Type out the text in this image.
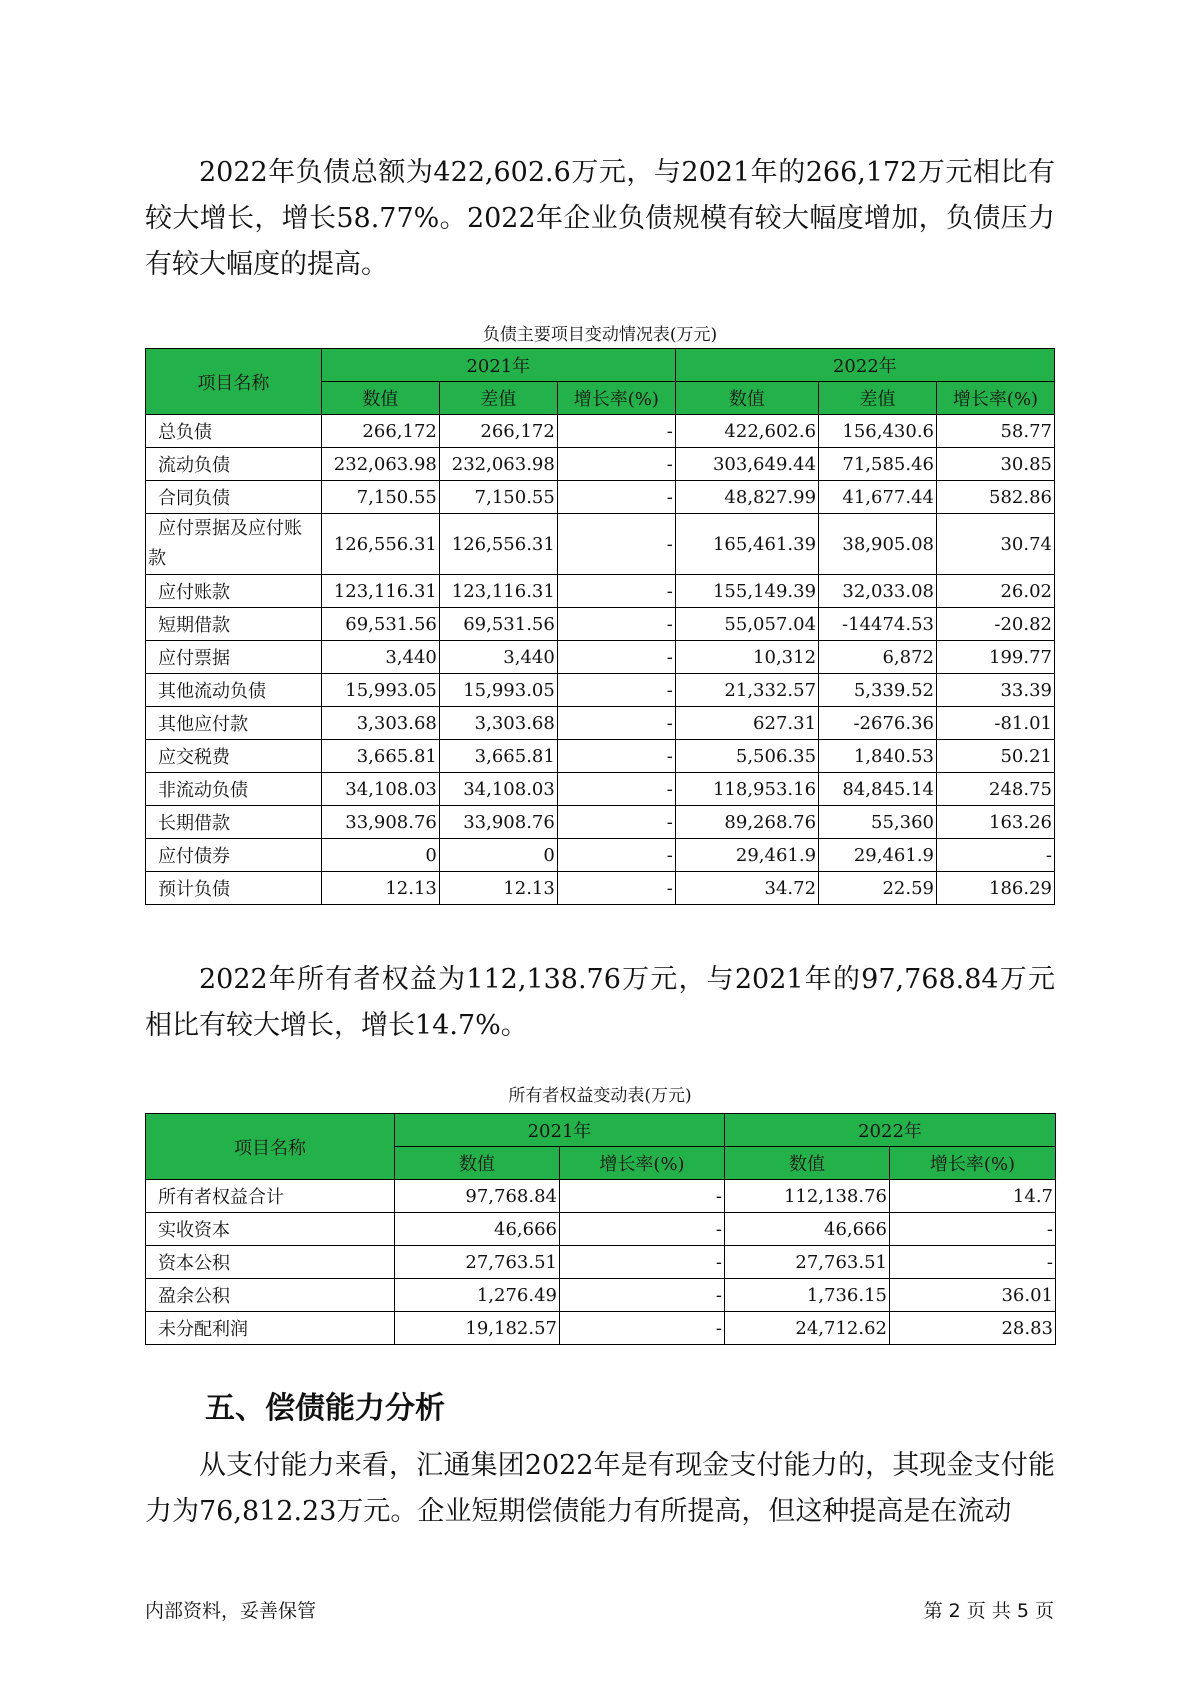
2022年负债总额为422,602.6万元，与2021年的266,172万元相比有较大增长，增长58.77%。2022年企业负债规模有较大幅度增加，负债压力有较大幅度的提高。

负债主要项目变动情况表(万元)
项目名称	2021年			2022年		
	数值	差值	增长率(%)	数值	差值	增长率(%)
总负债	266,172	266,172	-	422,602.6	156,430.6	58.77
流动负债	232,063.98	232,063.98	-	303,649.44	71,585.46	30.85
合同负债	7,150.55	7,150.55	-	48,827.99	41,677.44	582.86
应付票据及应付账款	126,556.31	126,556.31	-	165,461.39	38,905.08	30.74
应付账款	123,116.31	123,116.31	-	155,149.39	32,033.08	26.02
短期借款	69,531.56	69,531.56	-	55,057.04	-14474.53	-20.82
应付票据	3,440	3,440	-	10,312	6,872	199.77
其他流动负债	15,993.05	15,993.05	-	21,332.57	5,339.52	33.39
其他应付款	3,303.68	3,303.68	-	627.31	-2676.36	-81.01
应交税费	3,665.81	3,665.81	-	5,506.35	1,840.53	50.21
非流动负债	34,108.03	34,108.03	-	118,953.16	84,845.14	248.75
长期借款	33,908.76	33,908.76	-	89,268.76	55,360	163.26
应付债券	0	0	-	29,461.9	29,461.9	-
预计负债	12.13	12.13	-	34.72	22.59	186.29

2022年所有者权益为112,138.76万元，与2021年的97,768.84万元相比有较大增长，增长14.7%。

所有者权益变动表(万元)
项目名称	2021年		2022年	
	数值	增长率(%)	数值	增长率(%)
所有者权益合计	97,768.84	-	112,138.76	14.7
实收资本	46,666	-	46,666	-
资本公积	27,763.51	-	27,763.51	-
盈余公积	1,276.49	-	1,736.15	36.01
未分配利润	19,182.57	-	24,712.62	28.83
五、偿债能力分析

从支付能力来看，汇通集团2022年是有现金支付能力的，其现金支付能力为76,812.23万元。企业短期偿债能力有所提高，但这种提高是在流动

内部资料，妥善保管	第 2 页 共 5 页
